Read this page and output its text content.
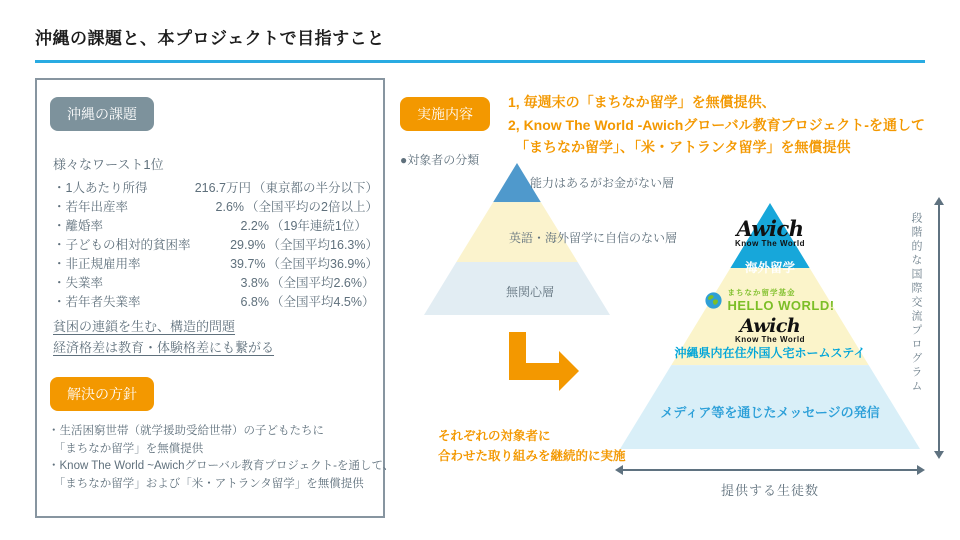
沖縄の課題と、本プロジェクトで目指すこと
沖縄の課題
様々なワースト1位
・1人あたり所得	216.7万円 （東京都の半分以下）
・若年出産率	2.6% （全国平均の2倍以上）
・離婚率	2.2% （19年連続1位）
・子どもの相対的貧困率	29.9% （全国平均16.3%）
・非正規雇用率	39.7% （全国平均36.9%）
・失業率	3.8% （全国平均2.6%）
・若年者失業率	6.8% （全国平均4.5%）
貧困の連鎖を生む、構造的問題
経済格差は教育・体験格差にも繋がる
解決の方針
・生活困窮世帯（就学援助受給世帯）の子どもたちに
　「まちなか留学」を無償提供
・Know The World ~Awichグローバル教育プロジェクト-を通して、
　「まちなか留学」および「米・アトランタ留学」を無償提供
実施内容
1, 毎週末の「まちなか留学」を無償提供、
2, Know The World -Awichグローバル教育プロジェクト-を通して
　「まちなか留学」、「米・アトランタ留学」を無償提供
●対象者の分類
能力はあるがお金がない層
英語・海外留学に自信のない層
無関心層
それぞれの対象者に
合わせた取り組みを継続的に実施
Awich
Know The World
海外留学
まちなか留学基金
HELLO WORLD!
Awich
Know The World
沖縄県内在住外国人宅ホームステイ
メディア等を通じたメッセージの発信
段階的な国際交流プログラム
提供する生徒数
